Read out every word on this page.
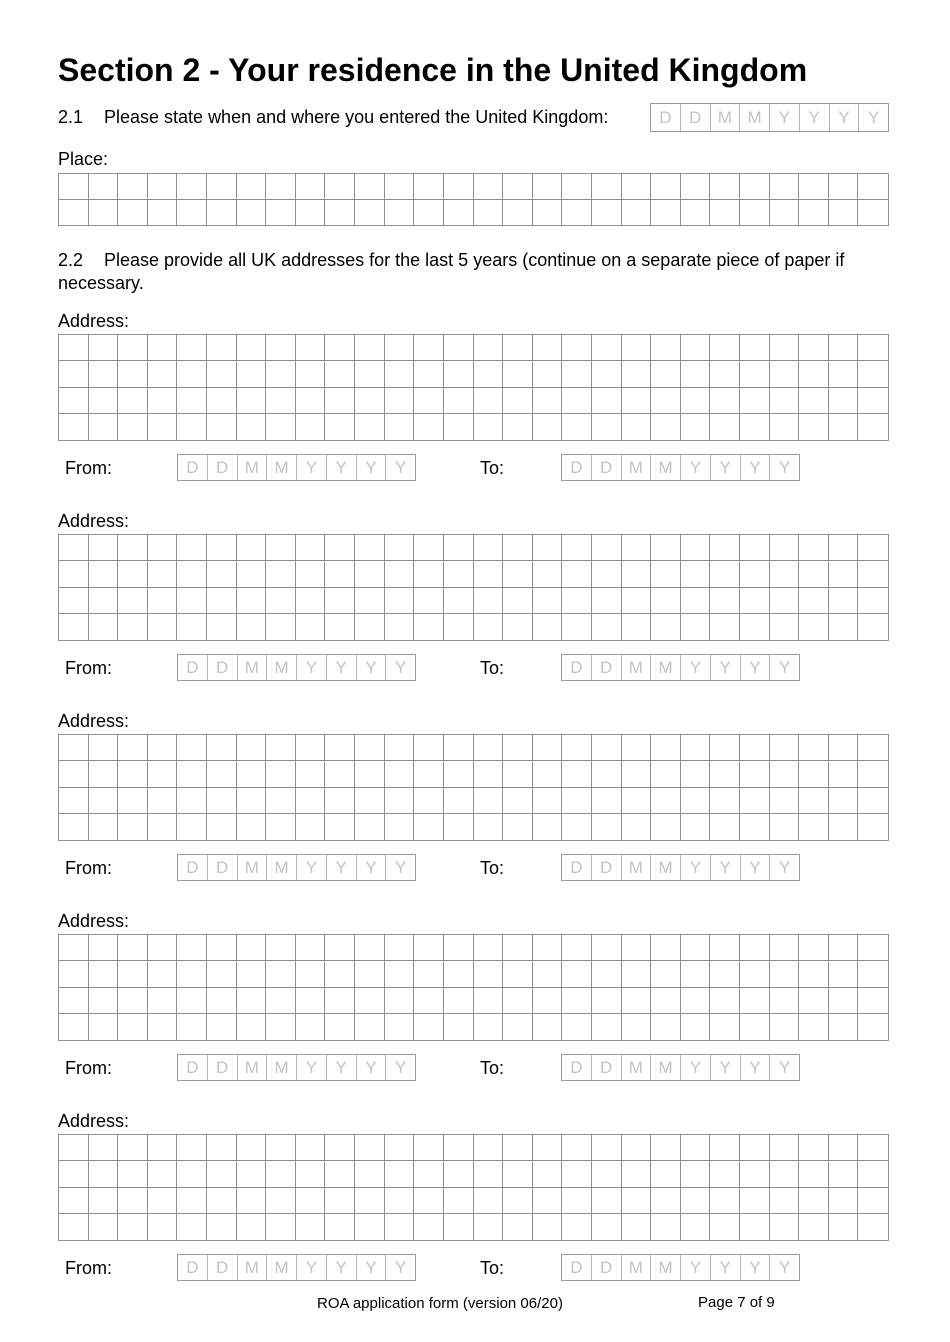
Section 2 - Your residence in the United Kingdom
2.1 Please state when and where you entered the United Kingdom:	D	D M M	Y	Y	Y	Y
Place:
2.2 Please provide all UK addresses for the last 5 years (continue on a separate piece of paper if necessary.
Address:
From:	D	D M M	Y	Y	Y	Y	To:	D	D M M	Y	Y	Y	Y
Address:
From:	D	D M M	Y	Y	Y	Y	To:	D	D M M	Y	Y	Y	Y
Address:
From:	D	D M M	Y	Y	Y	Y	To:	D	D M M	Y	Y	Y	Y
Address:
From:	D	D M M	Y	Y	Y	Y	To:	D	D M M	Y	Y	Y	Y
Address:
From:	D	D M M	Y	Y	Y	Y	To:	D	D M M	Y	Y	Y	Y
ROA application form (version 06/20)	Page 7 of 9
